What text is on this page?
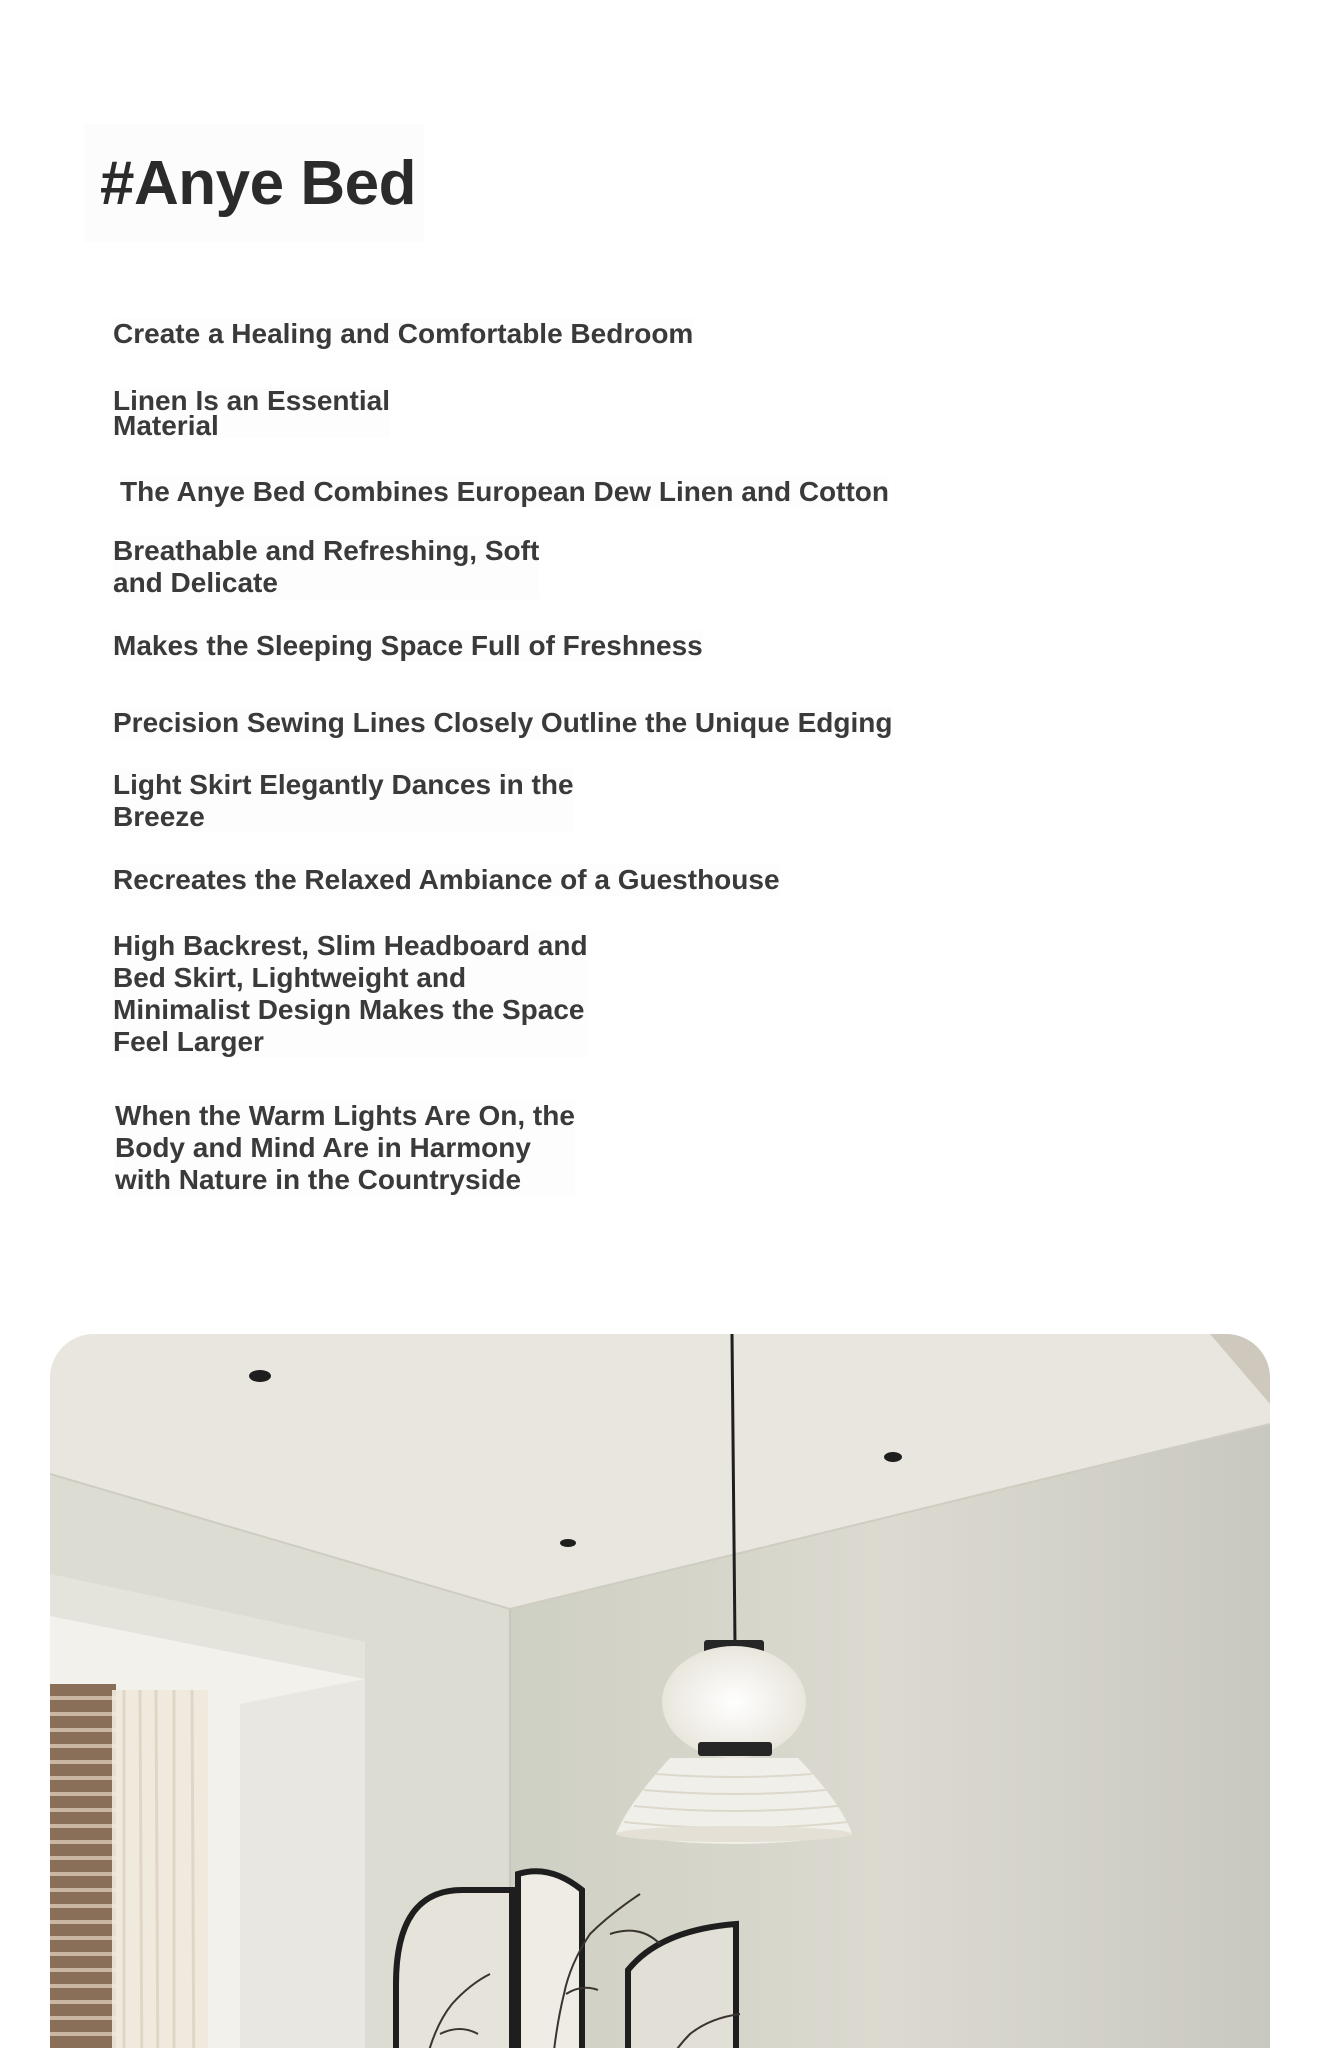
#Anye Bed

Create a Healing and Comfortable Bedroom

Linen Is an Essential
Material

The Anye Bed Combines European Dew Linen and Cotton

Breathable and Refreshing, Soft
and Delicate

Makes the Sleeping Space Full of Freshness

Precision Sewing Lines Closely Outline the Unique Edging

Light Skirt Elegantly Dances in the
Breeze

Recreates the Relaxed Ambiance of a Guesthouse

High Backrest, Slim Headboard and
Bed Skirt, Lightweight and
Minimalist Design Makes the Space
Feel Larger

When the Warm Lights Are On, the
Body and Mind Are in Harmony
with Nature in the Countryside
